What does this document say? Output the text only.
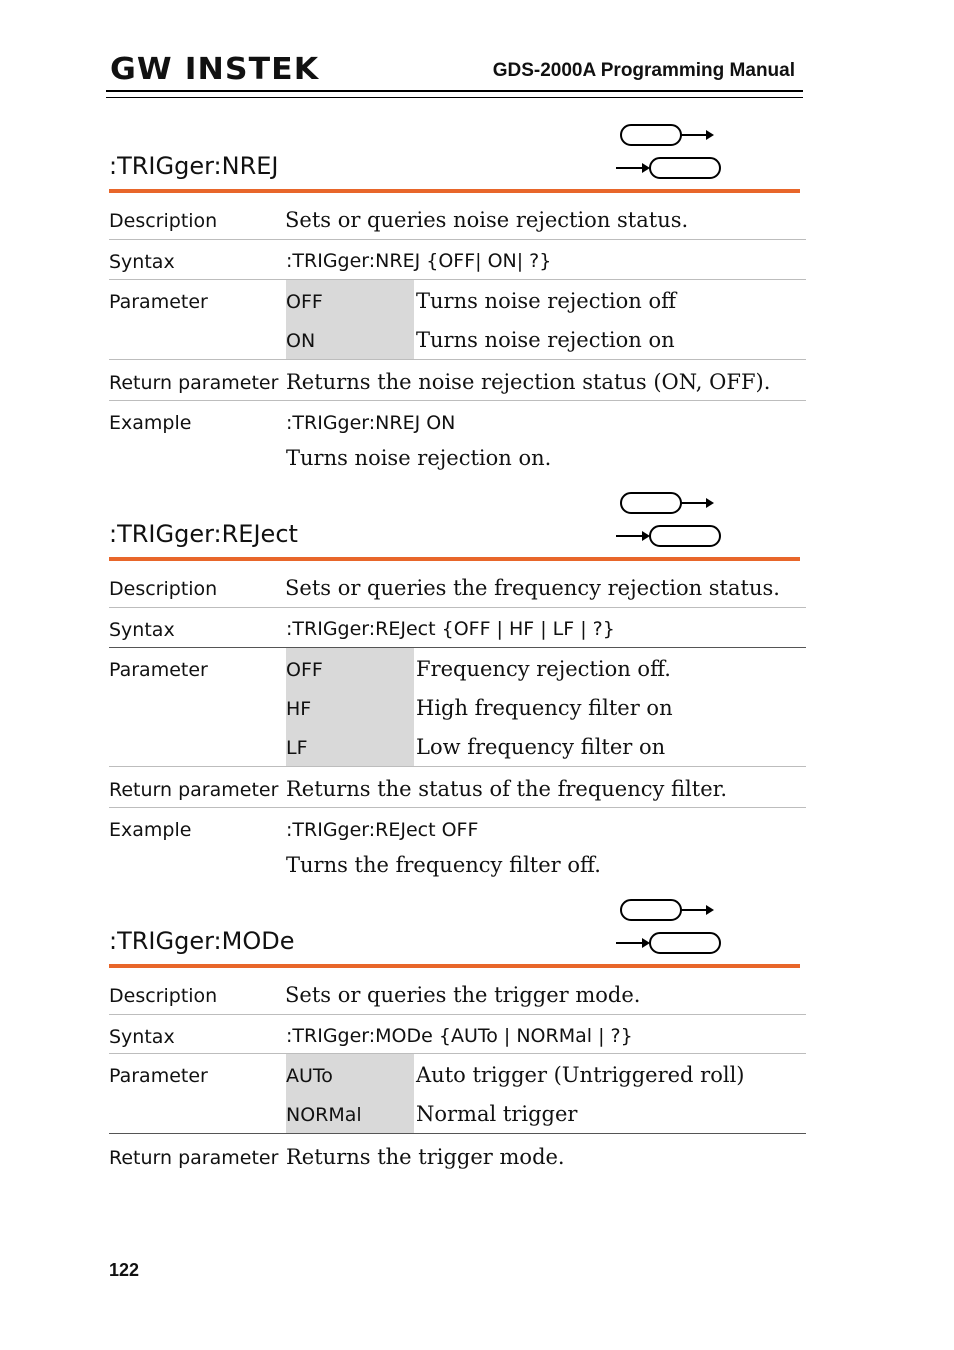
GW INSTEK	GDS-2000A Programming Manual
:TRIGger:NREJ
Description	Sets or queries noise rejection status.
Syntax	:TRIGger:NREJ {OFF| ON| ?}
Parameter	OFF	Turns noise rejection off
ON	Turns noise rejection on
Return parameter Returns the noise rejection status (ON, OFF).
Example	:TRIGger:NREJ ON
Turns noise rejection on.
:TRIGger:REJect
Description	Sets or queries the frequency rejection status.
Syntax	:TRIGger:REJect {OFF | HF | LF | ?}
Parameter	OFF	Frequency rejection off.
HF	High frequency filter on
LF	Low frequency filter on
Return parameter Returns the status of the frequency filter.
Example	:TRIGger:REJect OFF
Turns the frequency filter off.
:TRIGger:MODe
Description	Sets or queries the trigger mode.
Syntax	:TRIGger:MODe {AUTo | NORMal | ?}
Parameter	AUTo	Auto trigger (Untriggered roll)
NORMal	Normal trigger
Return parameter Returns the trigger mode.
122
